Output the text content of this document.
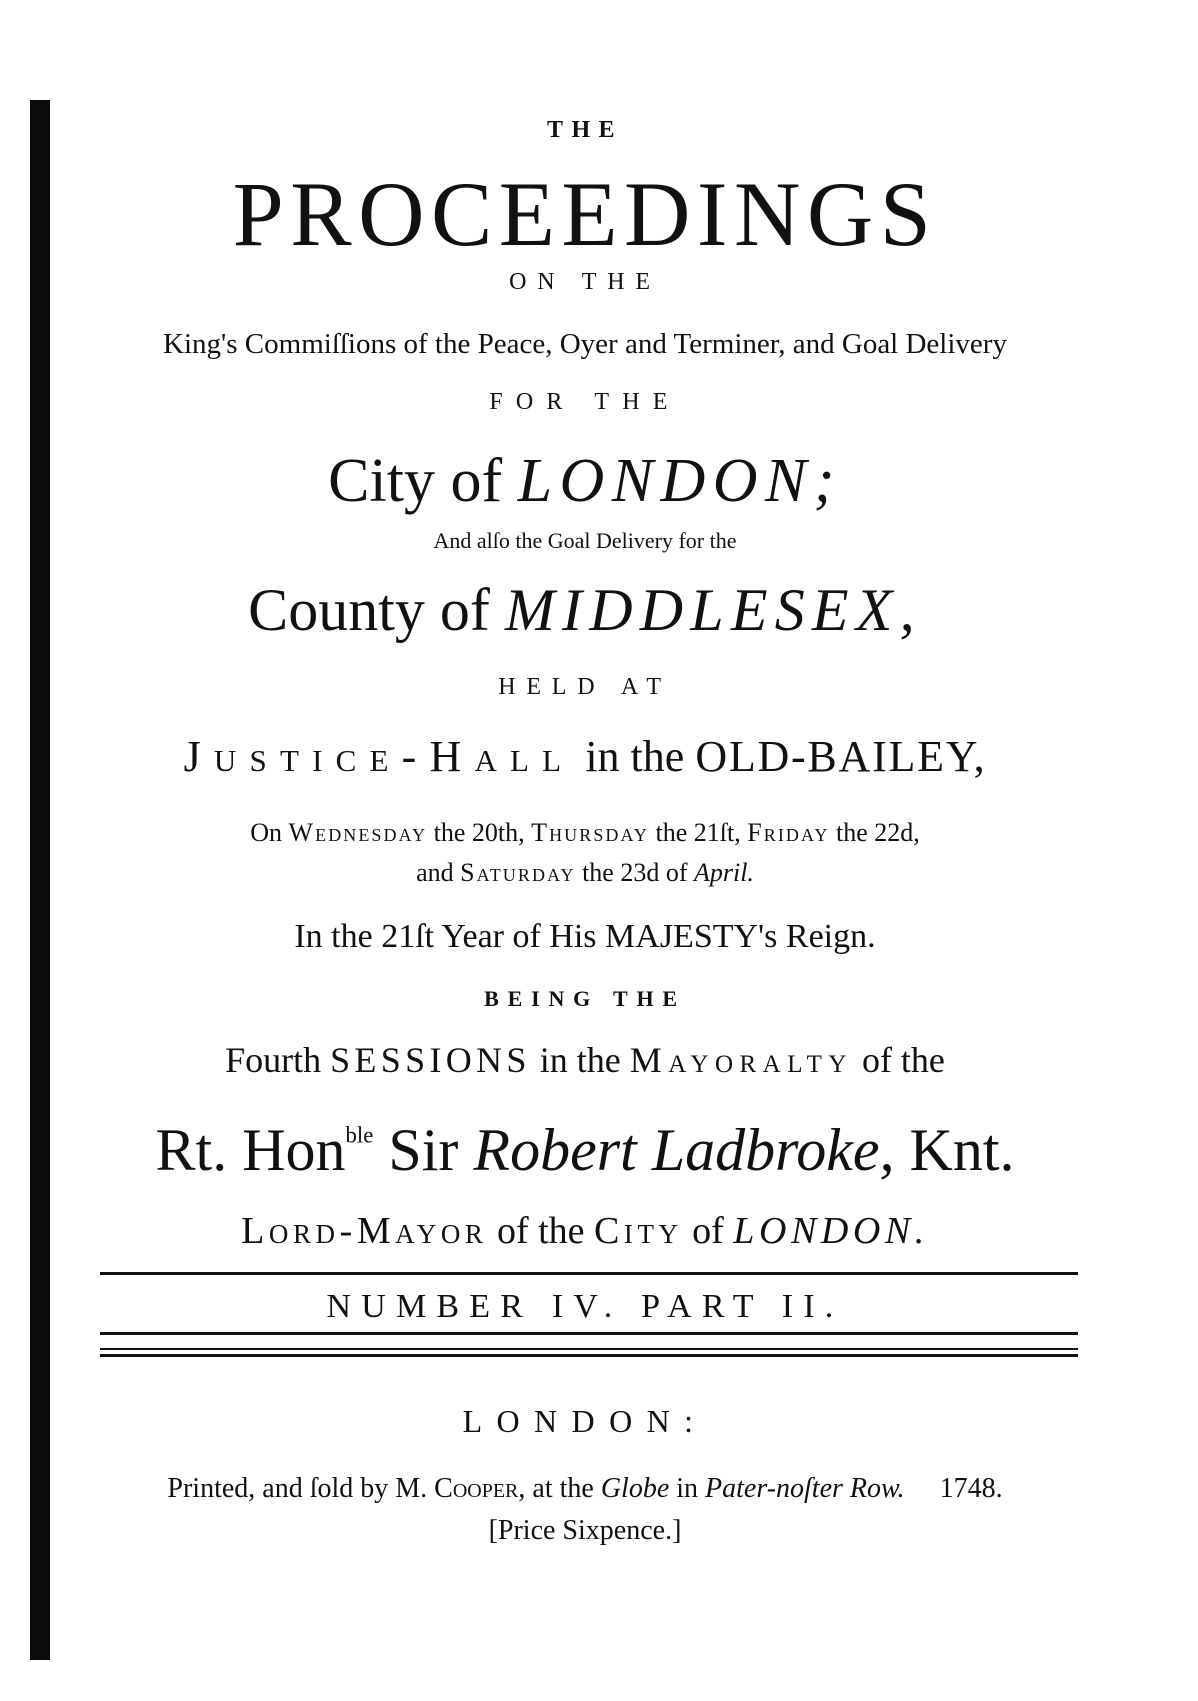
THE
PROCEEDINGS
ON THE
King's Commiſſions of the Peace, Oyer and Terminer, and Goal Delivery
FOR THE
City of LONDON;
And alſo the Goal Delivery for the
County of MIDDLESEX,
HELD AT
Justice-Hall in the OLD-BAILEY,
On Wednesday the 20th, Thursday the 21ſt, Friday the 22d,
and Saturday the 23d of April.
In the 21ſt Year of His MAJESTY's Reign.
BEING THE
Fourth SESSIONS in the Mayoralty of the
Rt. Hon$^{ble}$ Sir Robert Ladbroke, Knt.
Lord-Mayor of the City of LONDON.
NUMBER IV. PART II.
LONDON:
Printed, and ſold by M. Cooper, at the Globe in Pater-noſter Row. 1748.
[Price Sixpence.]
